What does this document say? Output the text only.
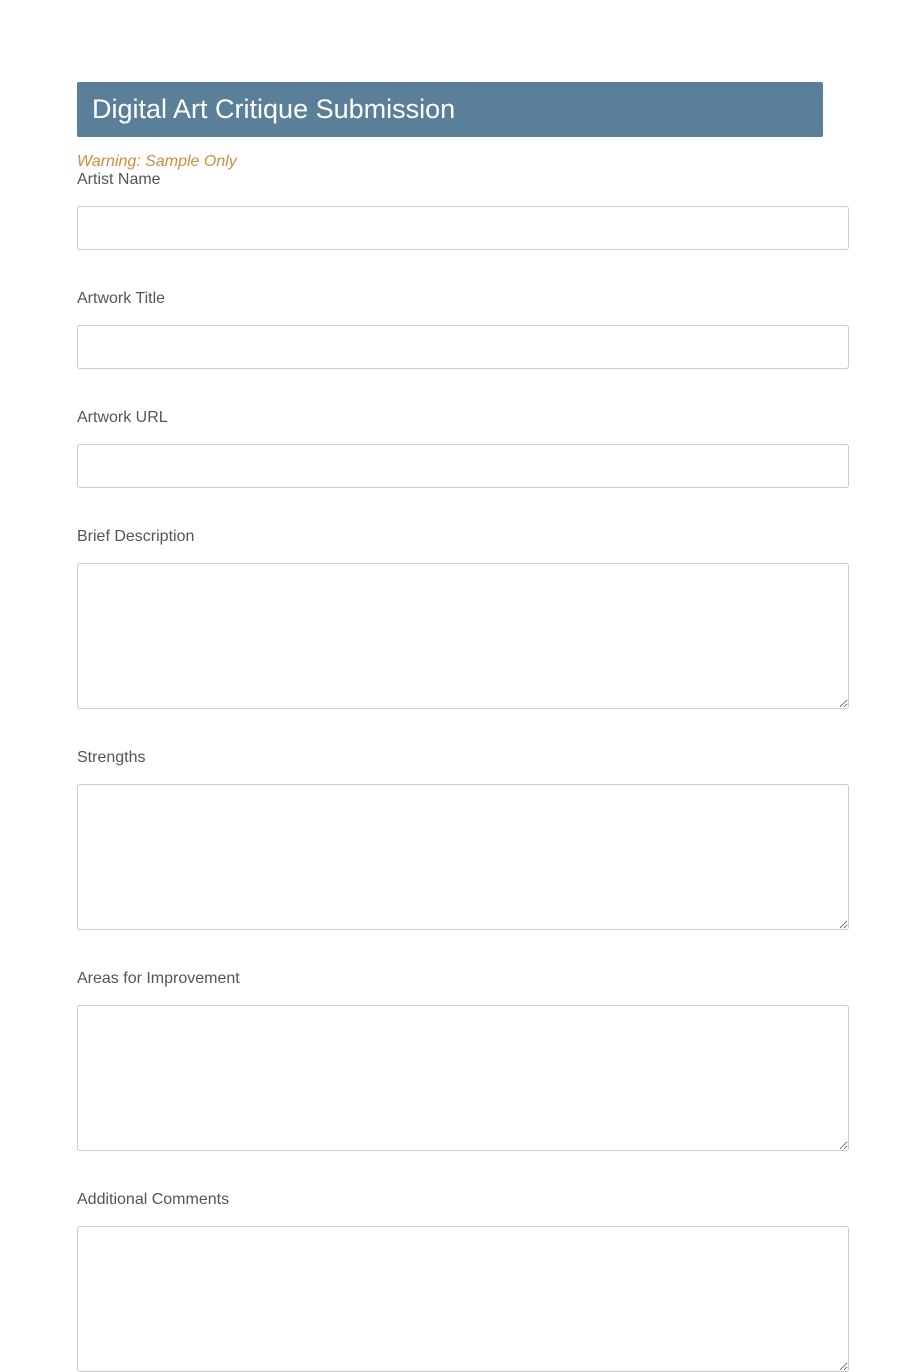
Digital Art Critique Submission
Warning: Sample Only
Artist Name
Artwork Title
Artwork URL
Brief Description
Strengths
Areas for Improvement
Additional Comments
